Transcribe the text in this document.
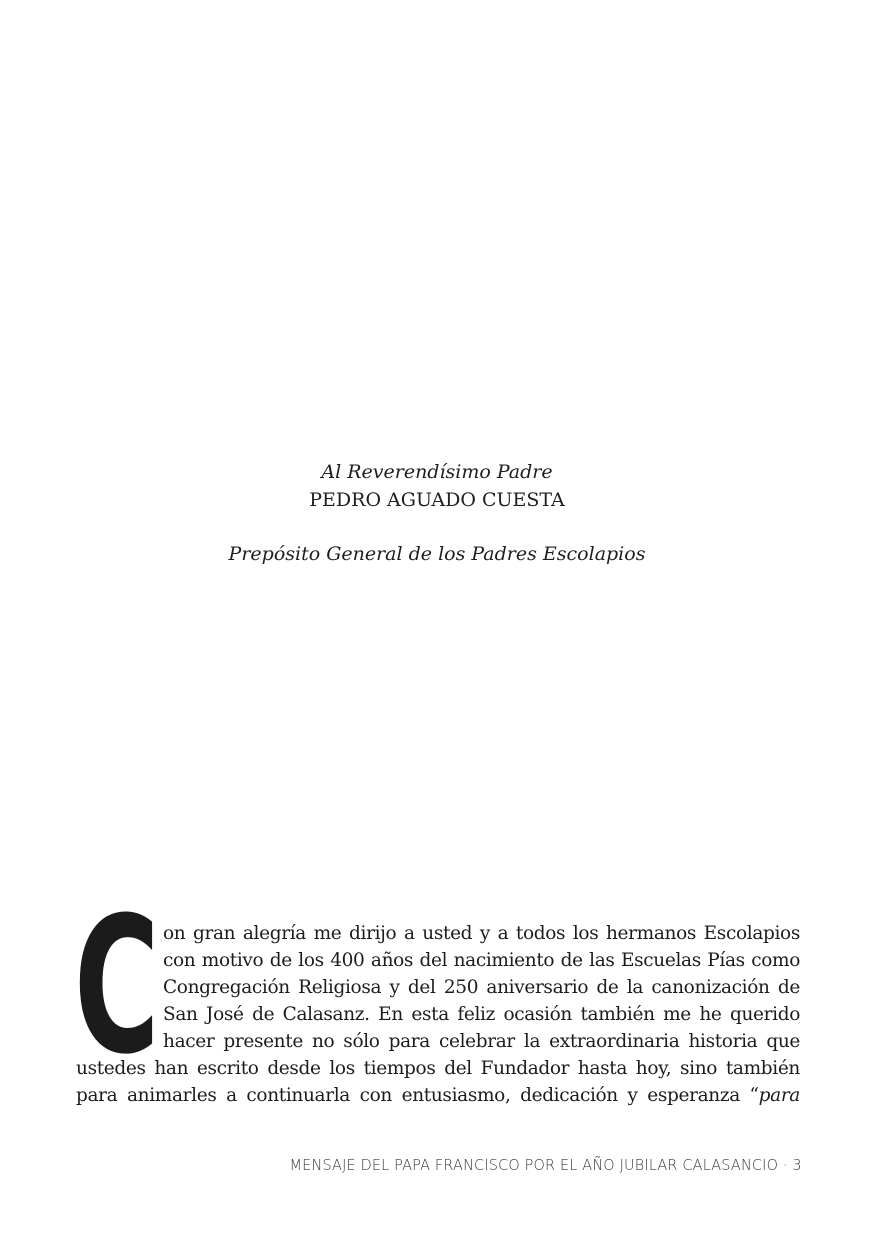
Al Reverendísimo Padre
PEDRO AGUADO CUESTA
Prepósito General de los Padres Escolapios
C on gran alegría me dirijo a usted y a todos los hermanos Escolapios
con motivo de los 400 años del nacimiento de las Escuelas Pías como
Congregación Religiosa y del 250 aniversario de la canonización de
San José de Calasanz. En esta feliz ocasión también me he querido
hacer presente no sólo para celebrar la extraordinaria historia que
ustedes han escrito desde los tiempos del Fundador hasta hoy, sino también
para animarles a continuarla con entusiasmo, dedicación y esperanza “para
MENSAJE DEL PAPA FRANCISCO POR EL AÑO JUBILAR CALASANCIO · 3
